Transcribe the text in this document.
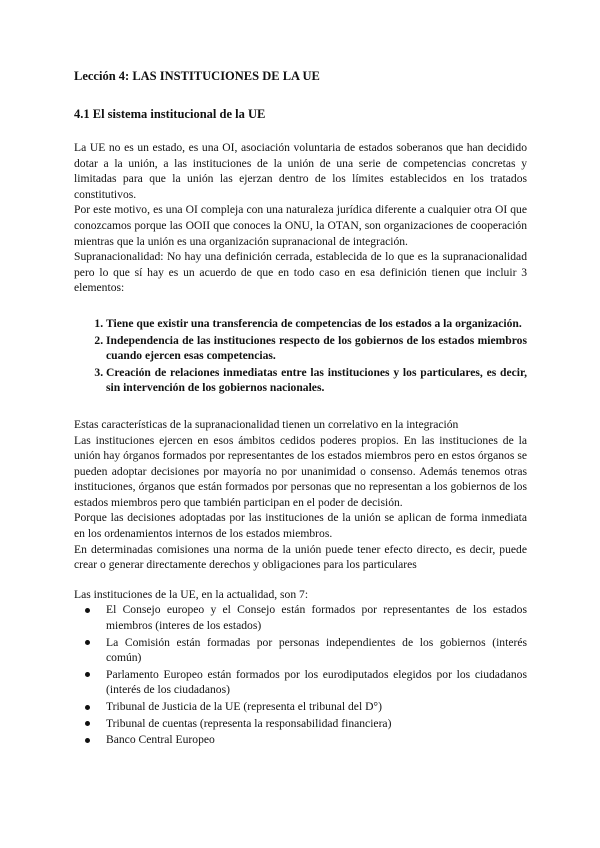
Lección 4: LAS INSTITUCIONES DE LA UE
4.1 El sistema institucional de la UE

La UE no es un estado, es una OI, asociación voluntaria de estados soberanos que han decidido dotar a la unión, a las instituciones de la unión de una serie de competencias concretas y limitadas para que la unión las ejerzan dentro de los límites establecidos en los tratados constitutivos.

Por este motivo, es una OI compleja con una naturaleza jurídica diferente a cualquier otra OI que conozcamos porque las OOII que conoces la ONU, la OTAN, son organizaciones de cooperación mientras que la unión es una organización supranacional de integración.

Supranacionalidad: No hay una definición cerrada, establecida de lo que es la supranacionalidad pero lo que sí hay es un acuerdo de que en todo caso en esa definición tienen que incluir 3 elementos:

1. Tiene que existir una transferencia de competencias de los estados a la organización.
2. Independencia de las instituciones respecto de los gobiernos de los estados miembros cuando ejercen esas competencias.
3. Creación de relaciones inmediatas entre las instituciones y los particulares, es decir, sin intervención de los gobiernos nacionales.

Estas características de la supranacionalidad tienen un correlativo en la integración

Las instituciones ejercen en esos ámbitos cedidos poderes propios. En las instituciones de la unión hay órganos formados por representantes de los estados miembros pero en estos órganos se pueden adoptar decisiones por mayoría no por unanimidad o consenso. Además tenemos otras instituciones, órganos que están formados por personas que no representan a los gobiernos de los estados miembros pero que también participan en el poder de decisión.

Porque las decisiones adoptadas por las instituciones de la unión se aplican de forma inmediata en los ordenamientos internos de los estados miembros.

En determinadas comisiones una norma de la unión puede tener efecto directo, es decir, puede crear o generar directamente derechos y obligaciones para los particulares

Las instituciones de la UE, en la actualidad, son 7:

El Consejo europeo y el Consejo están formados por representantes de los estados miembros (interes de los estados)
La Comisión están formadas por personas independientes de los gobiernos (interés común)
Parlamento Europeo están formados por los eurodiputados elegidos por los ciudadanos (interés de los ciudadanos)
Tribunal de Justicia de la UE (representa el tribunal del D°)
Tribunal de cuentas (representa la responsabilidad financiera)
Banco Central Europeo
